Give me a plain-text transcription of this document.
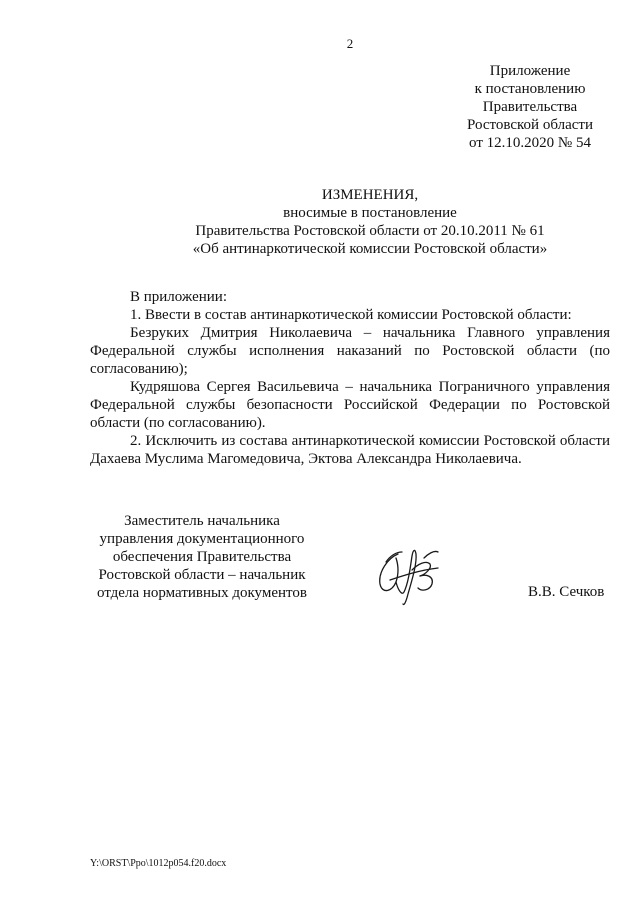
2
Приложение
к постановлению
Правительства
Ростовской области
от 12.10.2020 № 54
ИЗМЕНЕНИЯ,
вносимые в постановление
Правительства Ростовской области от 20.10.2011 № 61
«Об антинаркотической комиссии Ростовской области»

В приложении:

1. Ввести в состав антинаркотической комиссии Ростовской области:

Безруких Дмитрия Николаевича – начальника Главного управления Федеральной службы исполнения наказаний по Ростовской области (по согласованию);

Кудряшова Сергея Васильевича – начальника Пограничного управления Федеральной службы безопасности Российской Федерации по Ростовской области (по согласованию).

2. Исключить из состава антинаркотической комиссии Ростовской области Дахаева Муслима Магомедовича, Эктова Александра Николаевича.

Заместитель начальника
управления документационного
обеспечения Правительства
Ростовской области – начальник
отдела нормативных документов	В.В. Сечков
Y:\ORST\Ppo\1012p054.f20.docx
